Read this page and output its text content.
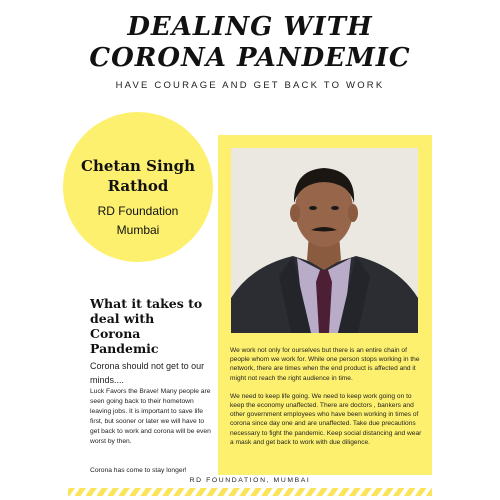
DEALING WITH
CORONA PANDEMIC
HAVE COURAGE AND GET BACK TO WORK
Chetan Singh
Rathod
RD Foundation
Mumbai

We work not only for ourselves but there is an entire chain of people whom we work for. While one person stops working in the network, there are times when the end product is affected and it might not reach the right audience in time.

We need to keep life going. We need to keep work going on to keep the economy unaffected. There are doctors , bankers and other government employees who have been working in times of corona since day one and are unaffected. Take due precautions necessary to fight the pandemic. Keep social distancing and wear a mask and get back to work with due diligence.

What it takes to
deal with
Corona
Pandemic
Corona should not get to our minds....
Luck Favors the Brave! Many people are seen going back to their hometown leaving jobs. It is important to save life first, but sooner or later we will have to get back to work and corona will be even worst by then.
Corona has come to stay longer!
RD FOUNDATION, MUMBAI
